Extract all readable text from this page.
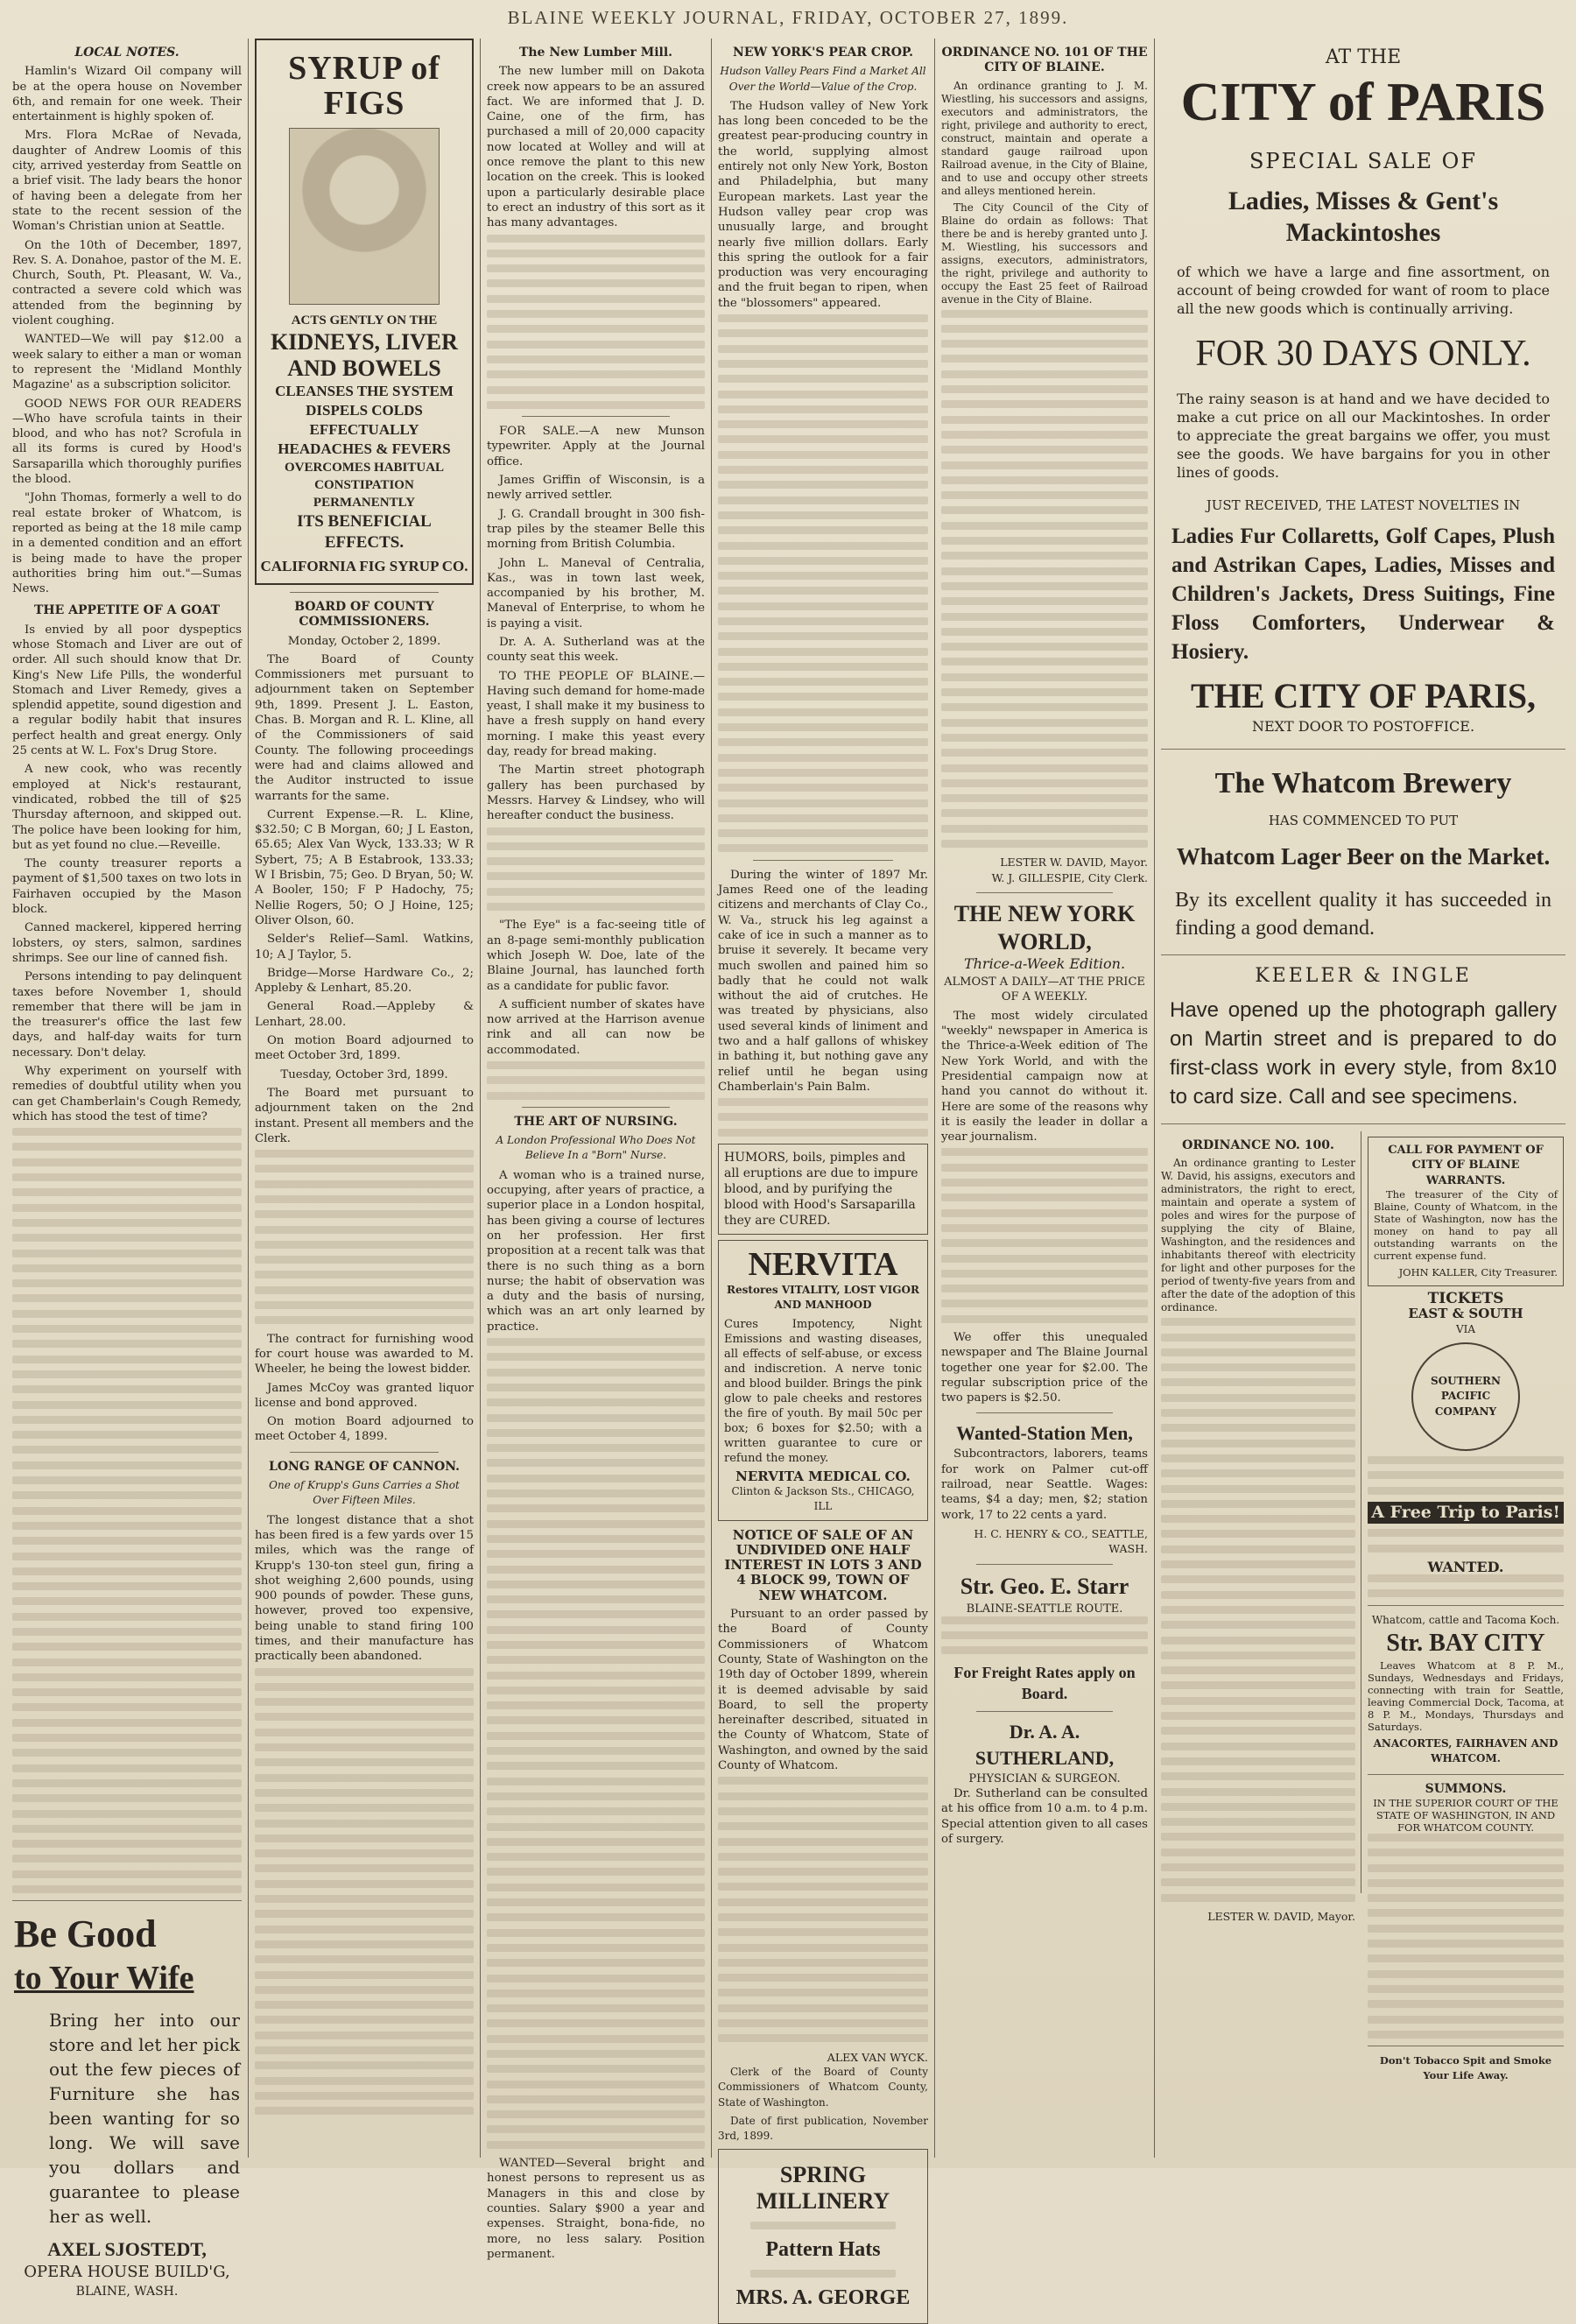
BLAINE WEEKLY JOURNAL, FRIDAY, OCTOBER 27, 1899.
LOCAL NOTES.

Hamlin's Wizard Oil company will be at the opera house on November 6th, and remain for one week. Their entertainment is highly spoken of.

Mrs. Flora McRae of Nevada, daughter of Andrew Loomis of this city, arrived yesterday from Seattle on a brief visit. The lady bears the honor of having been a delegate from her state to the recent session of the Woman's Christian union at Seattle.

On the 10th of December, 1897, Rev. S. A. Donahoe, pastor of the M. E. Church, South, Pt. Pleasant, W. Va., contracted a severe cold which was attended from the beginning by violent coughing.

WANTED—We will pay $12.00 a week salary to either a man or woman to represent the 'Midland Monthly Magazine' as a subscription solicitor.

GOOD NEWS FOR OUR READERS—Who have scrofula taints in their blood, and who has not? Scrofula in all its forms is cured by Hood's Sarsaparilla which thoroughly purifies the blood.

"John Thomas, formerly a well to do real estate broker of Whatcom, is reported as being at the 18 mile camp in a demented condition and an effort is being made to have the proper authorities bring him out."—Sumas News.

THE APPETITE OF A GOAT

Is envied by all poor dyspeptics whose Stomach and Liver are out of order. All such should know that Dr. King's New Life Pills, the wonderful Stomach and Liver Remedy, gives a splendid appetite, sound digestion and a regular bodily habit that insures perfect health and great energy. Only 25 cents at W. L. Fox's Drug Store.

A new cook, who was recently employed at Nick's restaurant, vindicated, robbed the till of $25 Thursday afternoon, and skipped out. The police have been looking for him, but as yet found no clue.—Reveille.

The county treasurer reports a payment of $1,500 taxes on two lots in Fairhaven occupied by the Mason block.

Canned mackerel, kippered herring lobsters, oy sters, salmon, sardines shrimps. See our line of canned fish.

Persons intending to pay delinquent taxes before November 1, should remember that there will be jam in the treasurer's office the last few days, and half-day waits for turn necessary. Don't delay.

Why experiment on yourself with remedies of doubtful utility when you can get Chamberlain's Cough Remedy, which has stood the test of time?

Be Good
to Your Wife
Bring her into our store and let her pick out the few pieces of Furniture she has been wanting for so long. We will save you dollars and guarantee to please her as well.
AXEL SJOSTEDT,
OPERA HOUSE BUILD'G,
BLAINE, WASH.
SYRUP of FIGS
ACTS GENTLY ON THE
KIDNEYS, LIVER
AND BOWELS
CLEANSES THE SYSTEM
DISPELS COLDS EFFECTUALLY
HEADACHES & FEVERS
OVERCOMES HABITUAL CONSTIPATION
PERMANENTLY
ITS BENEFICIAL EFFECTS.
CALIFORNIA FIG SYRUP CO.
BOARD OF COUNTY COMMISSIONERS.

Monday, October 2, 1899.

The Board of County Commissioners met pursuant to adjournment taken on September 9th, 1899. Present J. L. Easton, Chas. B. Morgan and R. L. Kline, all of the Commissioners of said County. The following proceedings were had and claims allowed and the Auditor instructed to issue warrants for the same.

Current Expense.—R. L. Kline, $32.50; C B Morgan, 60; J L Easton, 65.65; Alex Van Wyck, 133.33; W R Sybert, 75; A B Estabrook, 133.33; W I Brisbin, 75; Geo. D Bryan, 50; W. A Booler, 150; F P Hadochy, 75; Nellie Rogers, 50; O J Hoine, 125; Oliver Olson, 60.

Selder's Relief—Saml. Watkins, 10; A J Taylor, 5.

Bridge—Morse Hardware Co., 2; Appleby & Lenhart, 85.20.

General Road.—Appleby & Lenhart, 28.00.

On motion Board adjourned to meet October 3rd, 1899.

Tuesday, October 3rd, 1899.

The Board met pursuant to adjournment taken on the 2nd instant. Present all members and the Clerk.

The contract for furnishing wood for court house was awarded to M. Wheeler, he being the lowest bidder.

James McCoy was granted liquor license and bond approved.

On motion Board adjourned to meet October 4, 1899.

LONG RANGE OF CANNON.
One of Krupp's Guns Carries a Shot Over Fifteen Miles.

The longest distance that a shot has been fired is a few yards over 15 miles, which was the range of Krupp's 130-ton steel gun, firing a shot weighing 2,600 pounds, using 900 pounds of powder. These guns, however, proved too expensive, being unable to stand firing 100 times, and their manufacture has practically been abandoned.

The New Lumber Mill.

The new lumber mill on Dakota creek now appears to be an assured fact. We are informed that J. D. Caine, one of the firm, has purchased a mill of 20,000 capacity now located at Wolley and will at once remove the plant to this new location on the creek. This is looked upon a particularly desirable place to erect an industry of this sort as it has many advantages.

FOR SALE.—A new Munson typewriter. Apply at the Journal office.

James Griffin of Wisconsin, is a newly arrived settler.

J. G. Crandall brought in 300 fish-trap piles by the steamer Belle this morning from British Columbia.

John L. Maneval of Centralia, Kas., was in town last week, accompanied by his brother, M. Maneval of Enterprise, to whom he is paying a visit.

Dr. A. A. Sutherland was at the county seat this week.

TO THE PEOPLE OF BLAINE.—Having such demand for home-made yeast, I shall make it my business to have a fresh supply on hand every morning. I make this yeast every day, ready for bread making.

The Martin street photograph gallery has been purchased by Messrs. Harvey & Lindsey, who will hereafter conduct the business.

"The Eye" is a fac-seeing title of an 8-page semi-monthly publication which Joseph W. Doe, late of the Blaine Journal, has launched forth as a candidate for public favor.

A sufficient number of skates have now arrived at the Harrison avenue rink and all can now be accommodated.

THE ART OF NURSING.
A London Professional Who Does Not Believe In a "Born" Nurse.

A woman who is a trained nurse, occupying, after years of practice, a superior place in a London hospital, has been giving a course of lectures on her profession. Her first proposition at a recent talk was that there is no such thing as a born nurse; the habit of observation was a duty and the basis of nursing, which was an art only learned by practice.

WANTED—Several bright and honest persons to represent us as Managers in this and close by counties. Salary $900 a year and expenses. Straight, bona-fide, no more, no less salary. Position permanent.

NEW YORK'S PEAR CROP.
Hudson Valley Pears Find a Market All Over the World—Value of the Crop.

The Hudson valley of New York has long been conceded to be the greatest pear-producing country in the world, supplying almost entirely not only New York, Boston and Philadelphia, but many European markets. Last year the Hudson valley pear crop was unusually large, and brought nearly five million dollars. Early this spring the outlook for a fair production was very encouraging and the fruit began to ripen, when the "blossomers" appeared.

During the winter of 1897 Mr. James Reed one of the leading citizens and merchants of Clay Co., W. Va., struck his leg against a cake of ice in such a manner as to bruise it severely. It became very much swollen and pained him so badly that he could not walk without the aid of crutches. He was treated by physicians, also used several kinds of liniment and two and a half gallons of whiskey in bathing it, but nothing gave any relief until he began using Chamberlain's Pain Balm.

HUMORS, boils, pimples and all eruptions are due to impure blood, and by purifying the blood with Hood's Sarsaparilla they are CURED.
NERVITA
Restores VITALITY, LOST VIGOR AND MANHOOD
Cures Impotency, Night Emissions and wasting diseases, all effects of self-abuse, or excess and indiscretion. A nerve tonic and blood builder. Brings the pink glow to pale cheeks and restores the fire of youth. By mail 50c per box; 6 boxes for $2.50; with a written guarantee to cure or refund the money.
NERVITA MEDICAL CO.
Clinton & Jackson Sts., CHICAGO, ILL
NOTICE OF SALE OF AN UNDIVIDED ONE HALF INTEREST IN LOTS 3 AND 4 BLOCK 99, TOWN OF NEW WHATCOM.

Pursuant to an order passed by the Board of County Commissioners of Whatcom County, State of Washington on the 19th day of October 1899, wherein it is deemed advisable by said Board, to sell the property hereinafter described, situated in the County of Whatcom, State of Washington, and owned by the said County of Whatcom.

ALEX VAN WYCK.

Clerk of the Board of County Commissioners of Whatcom County, State of Washington.

Date of first publication, November 3rd, 1899.

SPRING MILLINERY
Pattern Hats
MRS. A. GEORGE
ORDINANCE NO. 101 OF THE CITY OF BLAINE.

An ordinance granting to J. M. Wiestling, his successors and assigns, executors and administrators, the right, privilege and authority to erect, construct, maintain and operate a standard gauge railroad upon Railroad avenue, in the City of Blaine, and to use and occupy other streets and alleys mentioned herein.

The City Council of the City of Blaine do ordain as follows: That there be and is hereby granted unto J. M. Wiestling, his successors and assigns, executors, administrators, the right, privilege and authority to occupy the East 25 feet of Railroad avenue in the City of Blaine.

LESTER W. DAVID, Mayor.
W. J. GILLESPIE, City Clerk.
THE NEW YORK WORLD,
Thrice-a-Week Edition.
ALMOST A DAILY—AT THE PRICE OF A WEEKLY.

The most widely circulated "weekly" newspaper in America is the Thrice-a-Week edition of The New York World, and with the Presidential campaign now at hand you cannot do without it. Here are some of the reasons why it is easily the leader in dollar a year journalism.

We offer this unequaled newspaper and The Blaine Journal together one year for $2.00. The regular subscription price of the two papers is $2.50.

Wanted-Station Men,

Subcontractors, laborers, teams for work on Palmer cut-off railroad, near Seattle. Wages: teams, $4 a day; men, $2; station work, 17 to 22 cents a yard.

H. C. HENRY & CO., SEATTLE, WASH.
Str. Geo. E. Starr
BLAINE-SEATTLE ROUTE.
For Freight Rates apply on Board.
Dr. A. A. SUTHERLAND,
PHYSICIAN & SURGEON.

Dr. Sutherland can be consulted at his office from 10 a.m. to 4 p.m. Special attention given to all cases of surgery.

AT THE
CITY of PARIS
SPECIAL SALE OF
Ladies, Misses & Gent's Mackintoshes
of which we have a large and fine assortment, on account of being crowded for want of room to place all the new goods which is continually arriving.
FOR 30 DAYS ONLY.
The rainy season is at hand and we have decided to make a cut price on all our Mackintoshes. In order to appreciate the great bargains we offer, you must see the goods. We have bargains for you in other lines of goods.
JUST RECEIVED, THE LATEST NOVELTIES IN
Ladies Fur Collaretts, Golf Capes, Plush and Astrikan Capes, Ladies, Misses and Children's Jackets, Dress Suitings, Fine Floss Comforters, Underwear & Hosiery.
THE CITY OF PARIS,
NEXT DOOR TO POSTOFFICE.
The Whatcom Brewery
HAS COMMENCED TO PUT
Whatcom Lager Beer on the Market.
By its excellent quality it has succeeded in finding a good demand.
KEELER & INGLE
Have opened up the photograph gallery on Martin street and is prepared to do first-class work in every style, from 8x10 to card size. Call and see specimens.
ORDINANCE NO. 100.

An ordinance granting to Lester W. David, his assigns, executors and administrators, the right to erect, maintain and operate a system of poles and wires for the purpose of supplying the city of Blaine, Washington, and the residences and inhabitants thereof with electricity for light and other purposes for the period of twenty-five years from and after the date of the adoption of this ordinance.

LESTER W. DAVID, Mayor.
CALL FOR PAYMENT OF CITY OF BLAINE WARRANTS.

The treasurer of the City of Blaine, County of Whatcom, in the State of Washington, now has the money on hand to pay all outstanding warrants on the current expense fund.

JOHN KALLER, City Treasurer.
TICKETS
EAST & SOUTH
VIA
SOUTHERN PACIFIC COMPANY
A Free Trip to Paris!
WANTED.
Whatcom, cattle and Tacoma Koch.
Str. BAY CITY

Leaves Whatcom at 8 P. M., Sundays, Wednesdays and Fridays, connecting with train for Seattle, leaving Commercial Dock, Tacoma, at 8 P. M., Mondays, Thursdays and Saturdays.

ANACORTES, FAIRHAVEN AND WHATCOM.
SUMMONS.
IN THE SUPERIOR COURT OF THE STATE OF WASHINGTON, IN AND FOR WHATCOM COUNTY.
Don't Tobacco Spit and Smoke Your Life Away.
